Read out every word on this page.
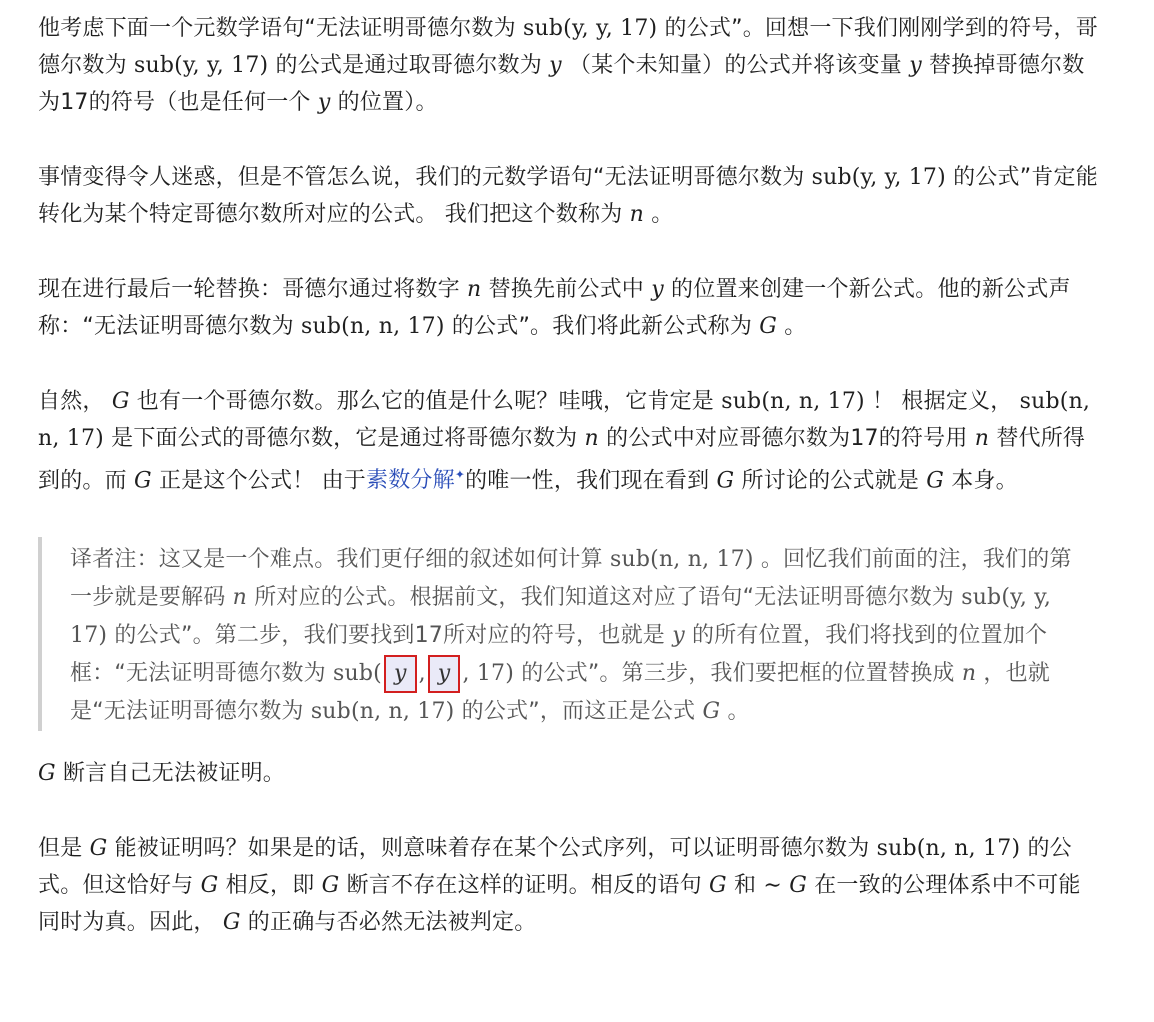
他考虑下面一个元数学语句“无法证明哥德尔数为 sub(y, y, 17) 的公式”。回想一下我们刚刚学到的符号，哥德尔数为 sub(y, y, 17) 的公式是通过取哥德尔数为 y （某个未知量）的公式并将该变量 y 替换掉哥德尔数为17的符号（也是任何一个 y 的位置）。

事情变得令人迷惑，但是不管怎么说，我们的元数学语句“无法证明哥德尔数为 sub(y, y, 17) 的公式”肯定能转化为某个特定哥德尔数所对应的公式。 我们把这个数称为 n 。

现在进行最后一轮替换：哥德尔通过将数字 n 替换先前公式中 y 的位置来创建一个新公式。他的新公式声称：“无法证明哥德尔数为 sub(n, n, 17) 的公式”。我们将此新公式称为 G 。

自然， G 也有一个哥德尔数。那么它的值是什么呢？哇哦，它肯定是 sub(n, n, 17) ！ 根据定义， sub(n, n, 17) 是下面公式的哥德尔数，它是通过将哥德尔数为 n 的公式中对应哥德尔数为17的符号用 n 替代所得到的。而 G 正是这个公式！ 由于素数分解✦的唯一性，我们现在看到 G 所讨论的公式就是 G 本身。

译者注：这又是一个难点。我们更仔细的叙述如何计算 sub(n, n, 17) 。回忆我们前面的注，我们的第一步就是要解码 n 所对应的公式。根据前文，我们知道这对应了语句“无法证明哥德尔数为 sub(y, y, 17) 的公式”。第二步，我们要找到17所对应的符号，也就是 y 的所有位置，我们将找到的位置加个框：“无法证明哥德尔数为 sub( y , y , 17) 的公式”。第三步，我们要把框的位置替换成 n ，也就是“无法证明哥德尔数为 sub(n, n, 17) 的公式”，而这正是公式 G 。

G 断言自己无法被证明。

但是 G 能被证明吗？如果是的话，则意味着存在某个公式序列，可以证明哥德尔数为 sub(n, n, 17) 的公式。但这恰好与 G 相反，即 G 断言不存在这样的证明。相反的语句 G 和 ∼ G 在一致的公理体系中不可能同时为真。因此， G 的正确与否必然无法被判定。
